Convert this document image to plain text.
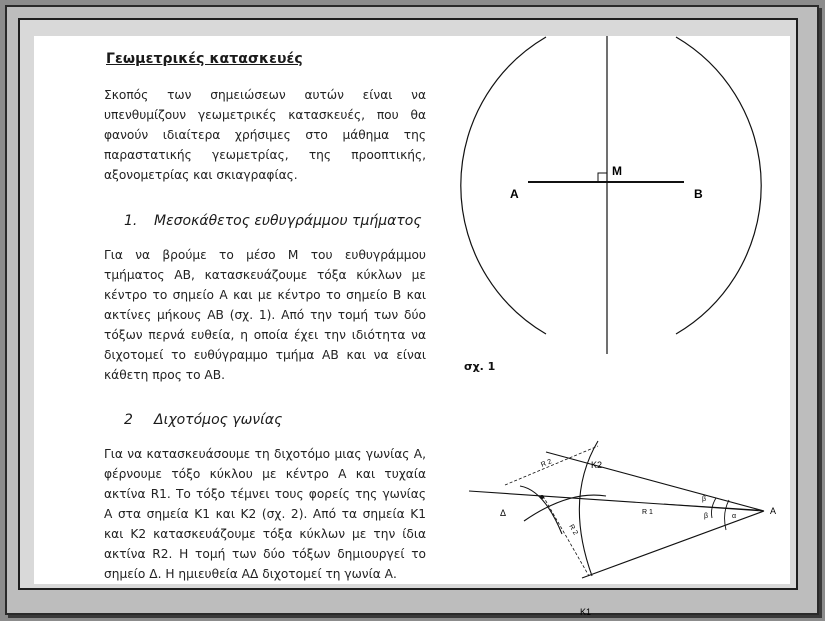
Γεωμετρικές κατασκευές

Σκοπός των σημειώσεων αυτών είναι να υπενθυμίζουν γεωμετρικές κατασκευές, που θα φανούν ιδιαίτερα χρήσιμες στο μάθημα της παραστατικής γεωμετρίας, της προοπτικής, αξονομετρίας και σκιαγραφίας.

1. Μεσοκάθετος ευθυγράμμου τμήματος

Για να βρούμε το μέσο Μ του ευθυγράμμου τμήματος ΑΒ, κατασκευάζουμε τόξα κύκλων με κέντρο το σημείο Α και με κέντρο το σημείο Β και ακτίνες μήκους ΑΒ (σχ. 1). Από την τομή των δύο τόξων περνά ευθεία, η οποία έχει την ιδιότητα να διχοτομεί το ευθύγραμμο τμήμα ΑΒ και να είναι κάθετη προς το ΑΒ.

2 Διχοτόμος γωνίας

Για να κατασκευάσουμε τη διχοτόμο μιας γωνίας Α, φέρνουμε τόξο κύκλου με κέντρο Α και τυχαία ακτίνα R1. Το τόξο τέμνει τους φορείς της γωνίας Α στα σημεία Κ1 και Κ2 (σχ. 2). Από τα σημεία Κ1 και Κ2 κατασκευάζουμε τόξα κύκλων με την ίδια ακτίνα R2. Η τομή των δύο τόξων δημιουργεί το σημείο Δ. Η ημιευθεία ΑΔ διχοτομεί τη γωνία Α.

A	B
M
σχ. 1
K2
K1
A
Δ	R 1
R 2
R 2
β
β	α
